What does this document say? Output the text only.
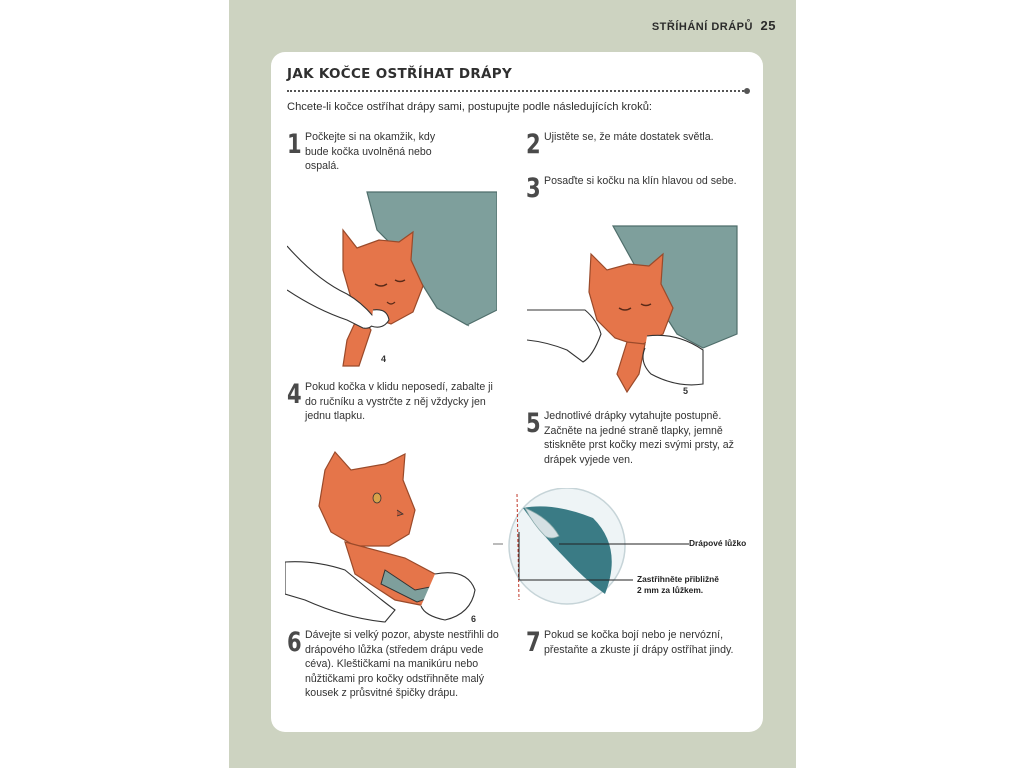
STŘÍHÁNÍ DRÁPŮ 25
JAK KOČCE OSTŘÍHAT DRÁPY
Chcete-li kočce ostříhat drápy sami, postupujte podle následujících kroků:
1 Počkejte si na okamžik, kdy bude kočka uvolněná nebo ospalá.
2 Ujistěte se, že máte dostatek světla.
3 Posaďte si kočku na klín hlavou od sebe.
4
5
4 Pokud kočka v klidu neposedí, zabalte ji do ručníku a vystrčte z něj vždycky jen jednu tlapku.	5 Jednotlivé drápky vytahujte postupně. Začněte na jedné straně tlapky, jemně stiskněte prst kočky mezi svými prsty, až drápek vyjede ven.
6
Drápové lůžko
Zastřihněte přibližně
2 mm za lůžkem.
6 Dávejte si velký pozor, abyste nestřihli do drápového lůžka (středem drápu vede céva). Kleštičkami na manikúru nebo nůžtičkami pro kočky odstřihněte malý kousek z průsvitné špičky drápu.
7 Pokud se kočka bojí nebo je nervózní, přestaňte a zkuste jí drápy ostříhat jindy.
